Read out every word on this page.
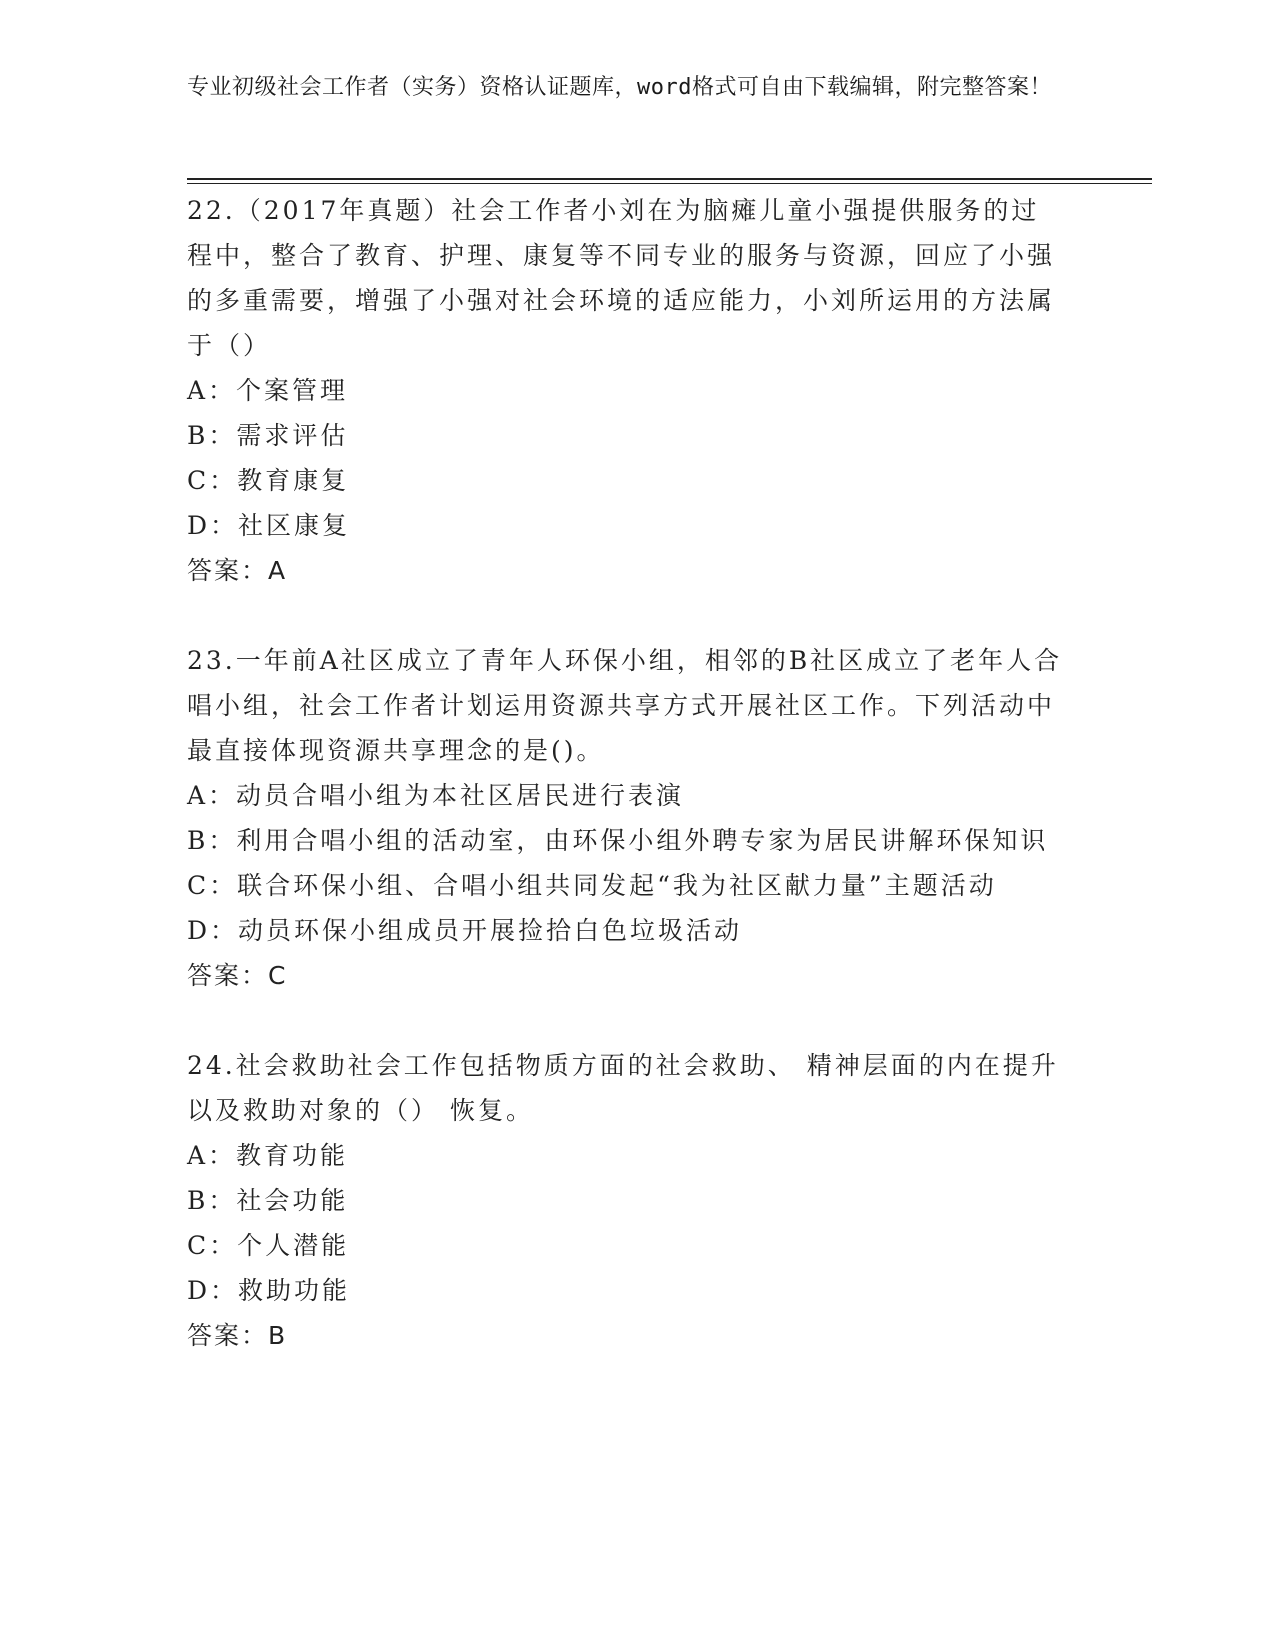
专业初级社会工作者（实务）资格认证题库，word格式可自由下载编辑，附完整答案！

22.（2017年真题）社会工作者小刘在为脑瘫儿童小强提供服务的过程中，整合了教育、护理、康复等不同专业的服务与资源，回应了小强的多重需要，增强了小强对社会环境的适应能力，小刘所运用的方法属于（）

A：个案管理

B：需求评估

C：教育康复

D：社区康复

答案：A

23.一年前A社区成立了青年人环保小组，相邻的B社区成立了老年人合唱小组，社会工作者计划运用资源共享方式开展社区工作。下列活动中最直接体现资源共享理念的是()。

A：动员合唱小组为本社区居民进行表演

B：利用合唱小组的活动室，由环保小组外聘专家为居民讲解环保知识

C：联合环保小组、合唱小组共同发起“我为社区献力量”主题活动

D：动员环保小组成员开展捡拾白色垃圾活动

答案：C

24.社会救助社会工作包括物质方面的社会救助、 精神层面的内在提升以及救助对象的（） 恢复。

A：教育功能

B：社会功能

C：个人潜能

D：救助功能

答案：B
